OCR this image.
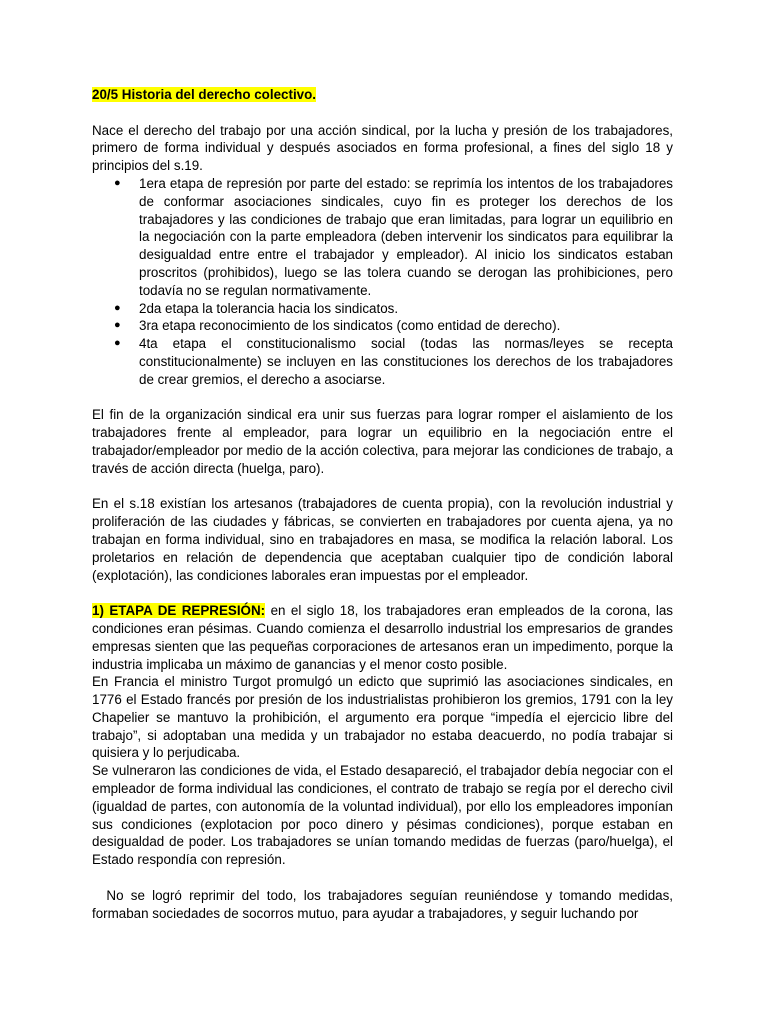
20/5 Historia del derecho colectivo.

Nace el derecho del trabajo por una acción sindical, por la lucha y presión de los trabajadores, primero de forma individual y después asociados en forma profesional, a fines del siglo 18 y principios del s.19.

● 1era etapa de represión por parte del estado: se reprimía los intentos de los trabajadores de conformar asociaciones sindicales, cuyo fin es proteger los derechos de los trabajadores y las condiciones de trabajo que eran limitadas, para lograr un equilibrio en la negociación con la parte empleadora (deben intervenir los sindicatos para equilibrar la desigualdad entre entre el trabajador y empleador). Al inicio los sindicatos estaban proscritos (prohibidos), luego se las tolera cuando se derogan las prohibiciones, pero todavía no se regulan normativamente.
● 2da etapa la tolerancia hacia los sindicatos.
● 3ra etapa reconocimiento de los sindicatos (como entidad de derecho).
● 4ta etapa el constitucionalismo social (todas las normas/leyes se recepta constitucionalmente) se incluyen en las constituciones los derechos de los trabajadores de crear gremios, el derecho a asociarse.

El fin de la organización sindical era unir sus fuerzas para lograr romper el aislamiento de los trabajadores frente al empleador, para lograr un equilibrio en la negociación entre el trabajador/empleador por medio de la acción colectiva, para mejorar las condiciones de trabajo, a través de acción directa (huelga, paro).

En el s.18 existían los artesanos (trabajadores de cuenta propia), con la revolución industrial y proliferación de las ciudades y fábricas, se convierten en trabajadores por cuenta ajena, ya no trabajan en forma individual, sino en trabajadores en masa, se modifica la relación laboral. Los proletarios en relación de dependencia que aceptaban cualquier tipo de condición laboral (explotación), las condiciones laborales eran impuestas por el empleador.

1) ETAPA DE REPRESIÓN: en el siglo 18, los trabajadores eran empleados de la corona, las condiciones eran pésimas. Cuando comienza el desarrollo industrial los empresarios de grandes empresas sienten que las pequeñas corporaciones de artesanos eran un impedimento, porque la industria implicaba un máximo de ganancias y el menor costo posible.

En Francia el ministro Turgot promulgó un edicto que suprimió las asociaciones sindicales, en 1776 el Estado francés por presión de los industrialistas prohibieron los gremios, 1791 con la ley Chapelier se mantuvo la prohibición, el argumento era porque “impedía el ejercicio libre del trabajo”, si adoptaban una medida y un trabajador no estaba deacuerdo, no podía trabajar si quisiera y lo perjudicaba.

Se vulneraron las condiciones de vida, el Estado desapareció, el trabajador debía negociar con el empleador de forma individual las condiciones, el contrato de trabajo se regía por el derecho civil (igualdad de partes, con autonomía de la voluntad individual), por ello los empleadores imponían sus condiciones (explotacion por poco dinero y pésimas condiciones), porque estaban en desigualdad de poder. Los trabajadores se unían tomando medidas de fuerzas (paro/huelga), el Estado respondía con represión.

No se logró reprimir del todo, los trabajadores seguían reuniéndose y tomando medidas, formaban sociedades de socorros mutuo, para ayudar a trabajadores, y seguir luchando por
